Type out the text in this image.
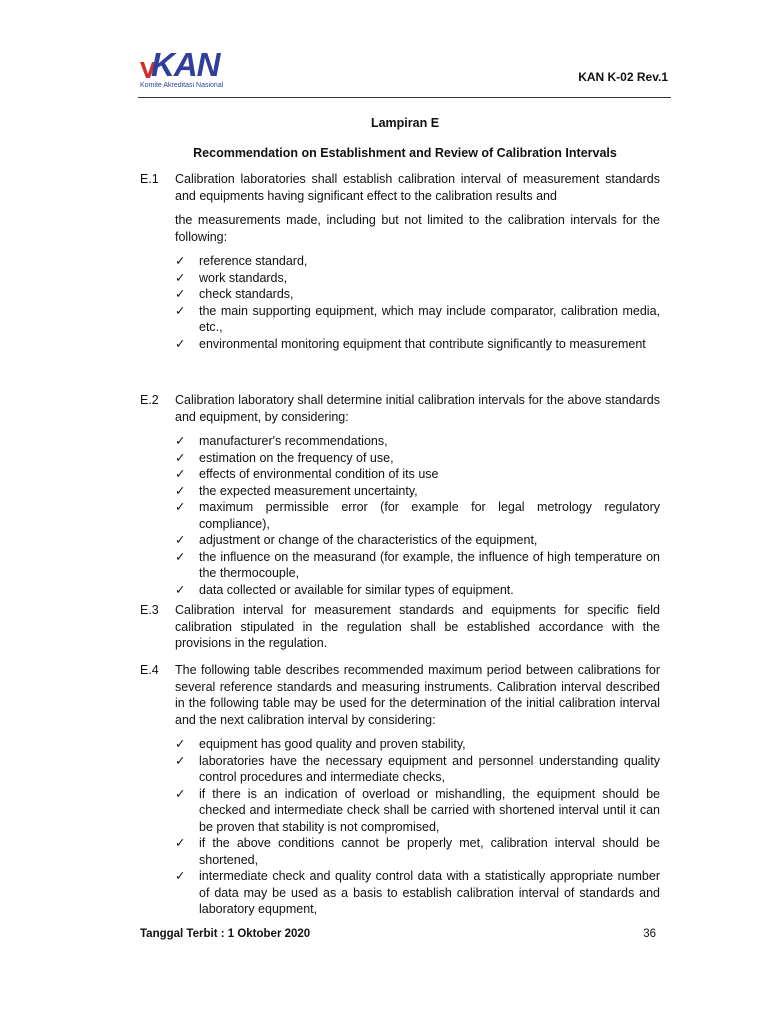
KAN
Komite Akreditasi Nasional
KAN K-02 Rev.1
Lampiran E
Recommendation on Establishment and Review of Calibration Intervals
E.1 Calibration laboratories shall establish calibration interval of measurement standards and equipments having significant effect to the calibration results and

the measurements made, including but not limited to the calibration intervals for the following:

✓ reference standard,
✓ work standards,
✓ check standards,
✓ the main supporting equipment, which may include comparator, calibration media, etc.,
✓ environmental monitoring equipment that contribute significantly to measurement
E.2 Calibration laboratory shall determine initial calibration intervals for the above standards and equipment, by considering:

✓ manufacturer's recommendations,
✓ estimation on the frequency of use,
✓ effects of environmental condition of its use
✓ the expected measurement uncertainty,
✓ maximum permissible error (for example for legal metrology regulatory compliance),
✓ adjustment or change of the characteristics of the equipment,
✓ the influence on the measurand (for example, the influence of high temperature on the thermocouple,
✓ data collected or available for similar types of equipment.
E.3 Calibration interval for measurement standards and equipments for specific field calibration stipulated in the regulation shall be established accordance with the provisions in the regulation.

E.4 The following table describes recommended maximum period between calibrations for several reference standards and measuring instruments. Calibration interval described in the following table may be used for the determination of the initial calibration interval and the next calibration interval by considering:

✓ equipment has good quality and proven stability,
✓ laboratories have the necessary equipment and personnel understanding quality control procedures and intermediate checks,
✓ if there is an indication of overload or mishandling, the equipment should be checked and intermediate check shall be carried with shortened interval until it can be proven that stability is not compromised,
✓ if the above conditions cannot be properly met, calibration interval should be shortened,
✓ intermediate check and quality control data with a statistically appropriate number of data may be used as a basis to establish calibration interval of standards and laboratory equpment,
Tanggal Terbit : 1 Oktober 2020	36
